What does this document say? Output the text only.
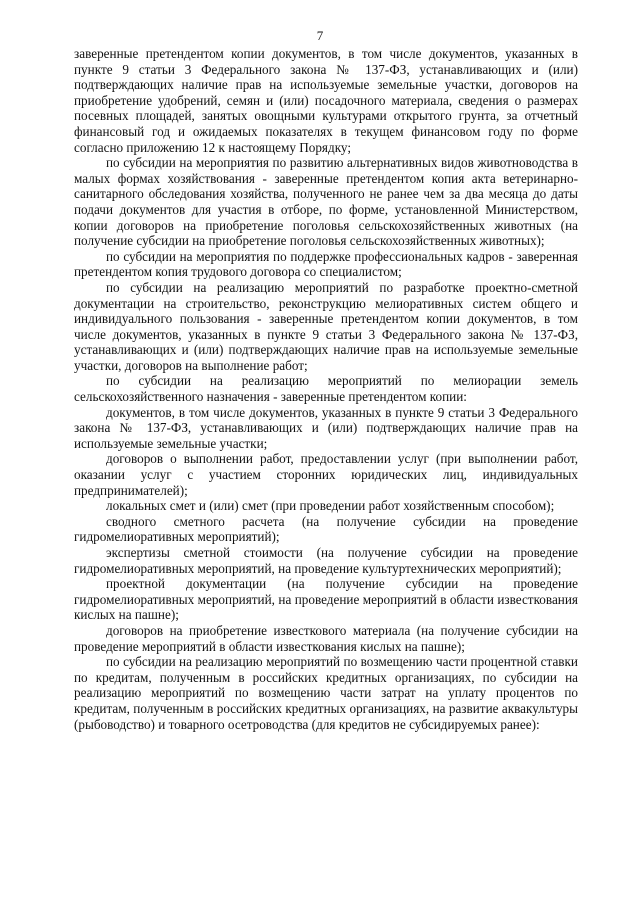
7

заверенные претендентом копии документов, в том числе документов, указанных в пункте 9 статьи 3 Федерального закона № 137-ФЗ, устанавливающих и (или) подтверждающих наличие прав на используемые земельные участки, договоров на приобретение удобрений, семян и (или) посадочного материала, сведения о размерах посевных площадей, занятых овощными культурами открытого грунта, за отчетный финансовый год и ожидаемых показателях в текущем финансовом году по форме согласно приложению 12 к настоящему Порядку;

по субсидии на мероприятия по развитию альтернативных видов животноводства в малых формах хозяйствования - заверенные претендентом копия акта ветеринарно-санитарного обследования хозяйства, полученного не ранее чем за два месяца до даты подачи документов для участия в отборе, по форме, установленной Министерством, копии договоров на приобретение поголовья сельскохозяйственных животных (на получение субсидии на приобретение поголовья сельскохозяйственных животных);

по субсидии на мероприятия по поддержке профессиональных кадров - заверенная претендентом копия трудового договора со специалистом;

по субсидии на реализацию мероприятий по разработке проектно-сметной документации на строительство, реконструкцию мелиоративных систем общего и индивидуального пользования - заверенные претендентом копии документов, в том числе документов, указанных в пункте 9 статьи 3 Федерального закона № 137-ФЗ, устанавливающих и (или) подтверждающих наличие прав на используемые земельные участки, договоров на выполнение работ;

по субсидии на реализацию мероприятий по мелиорации земель сельскохозяйственного назначения - заверенные претендентом копии:

документов, в том числе документов, указанных в пункте 9 статьи 3 Федерального закона № 137-ФЗ, устанавливающих и (или) подтверждающих наличие прав на используемые земельные участки;

договоров о выполнении работ, предоставлении услуг (при выполнении работ, оказании услуг с участием сторонних юридических лиц, индивидуальных предпринимателей);

локальных смет и (или) смет (при проведении работ хозяйственным способом);

сводного сметного расчета (на получение субсидии на проведение гидромелиоративных мероприятий);

экспертизы сметной стоимости (на получение субсидии на проведение гидромелиоративных мероприятий, на проведение культуртехнических мероприятий);

проектной документации (на получение субсидии на проведение гидромелиоративных мероприятий, на проведение мероприятий в области известкования кислых на пашне);

договоров на приобретение известкового материала (на получение субсидии на проведение мероприятий в области известкования кислых на пашне);

по субсидии на реализацию мероприятий по возмещению части процентной ставки по кредитам, полученным в российских кредитных организациях, по субсидии на реализацию мероприятий по возмещению части затрат на уплату процентов по кредитам, полученным в российских кредитных организациях, на развитие аквакультуры (рыбоводство) и товарного осетроводства (для кредитов не субсидируемых ранее):
